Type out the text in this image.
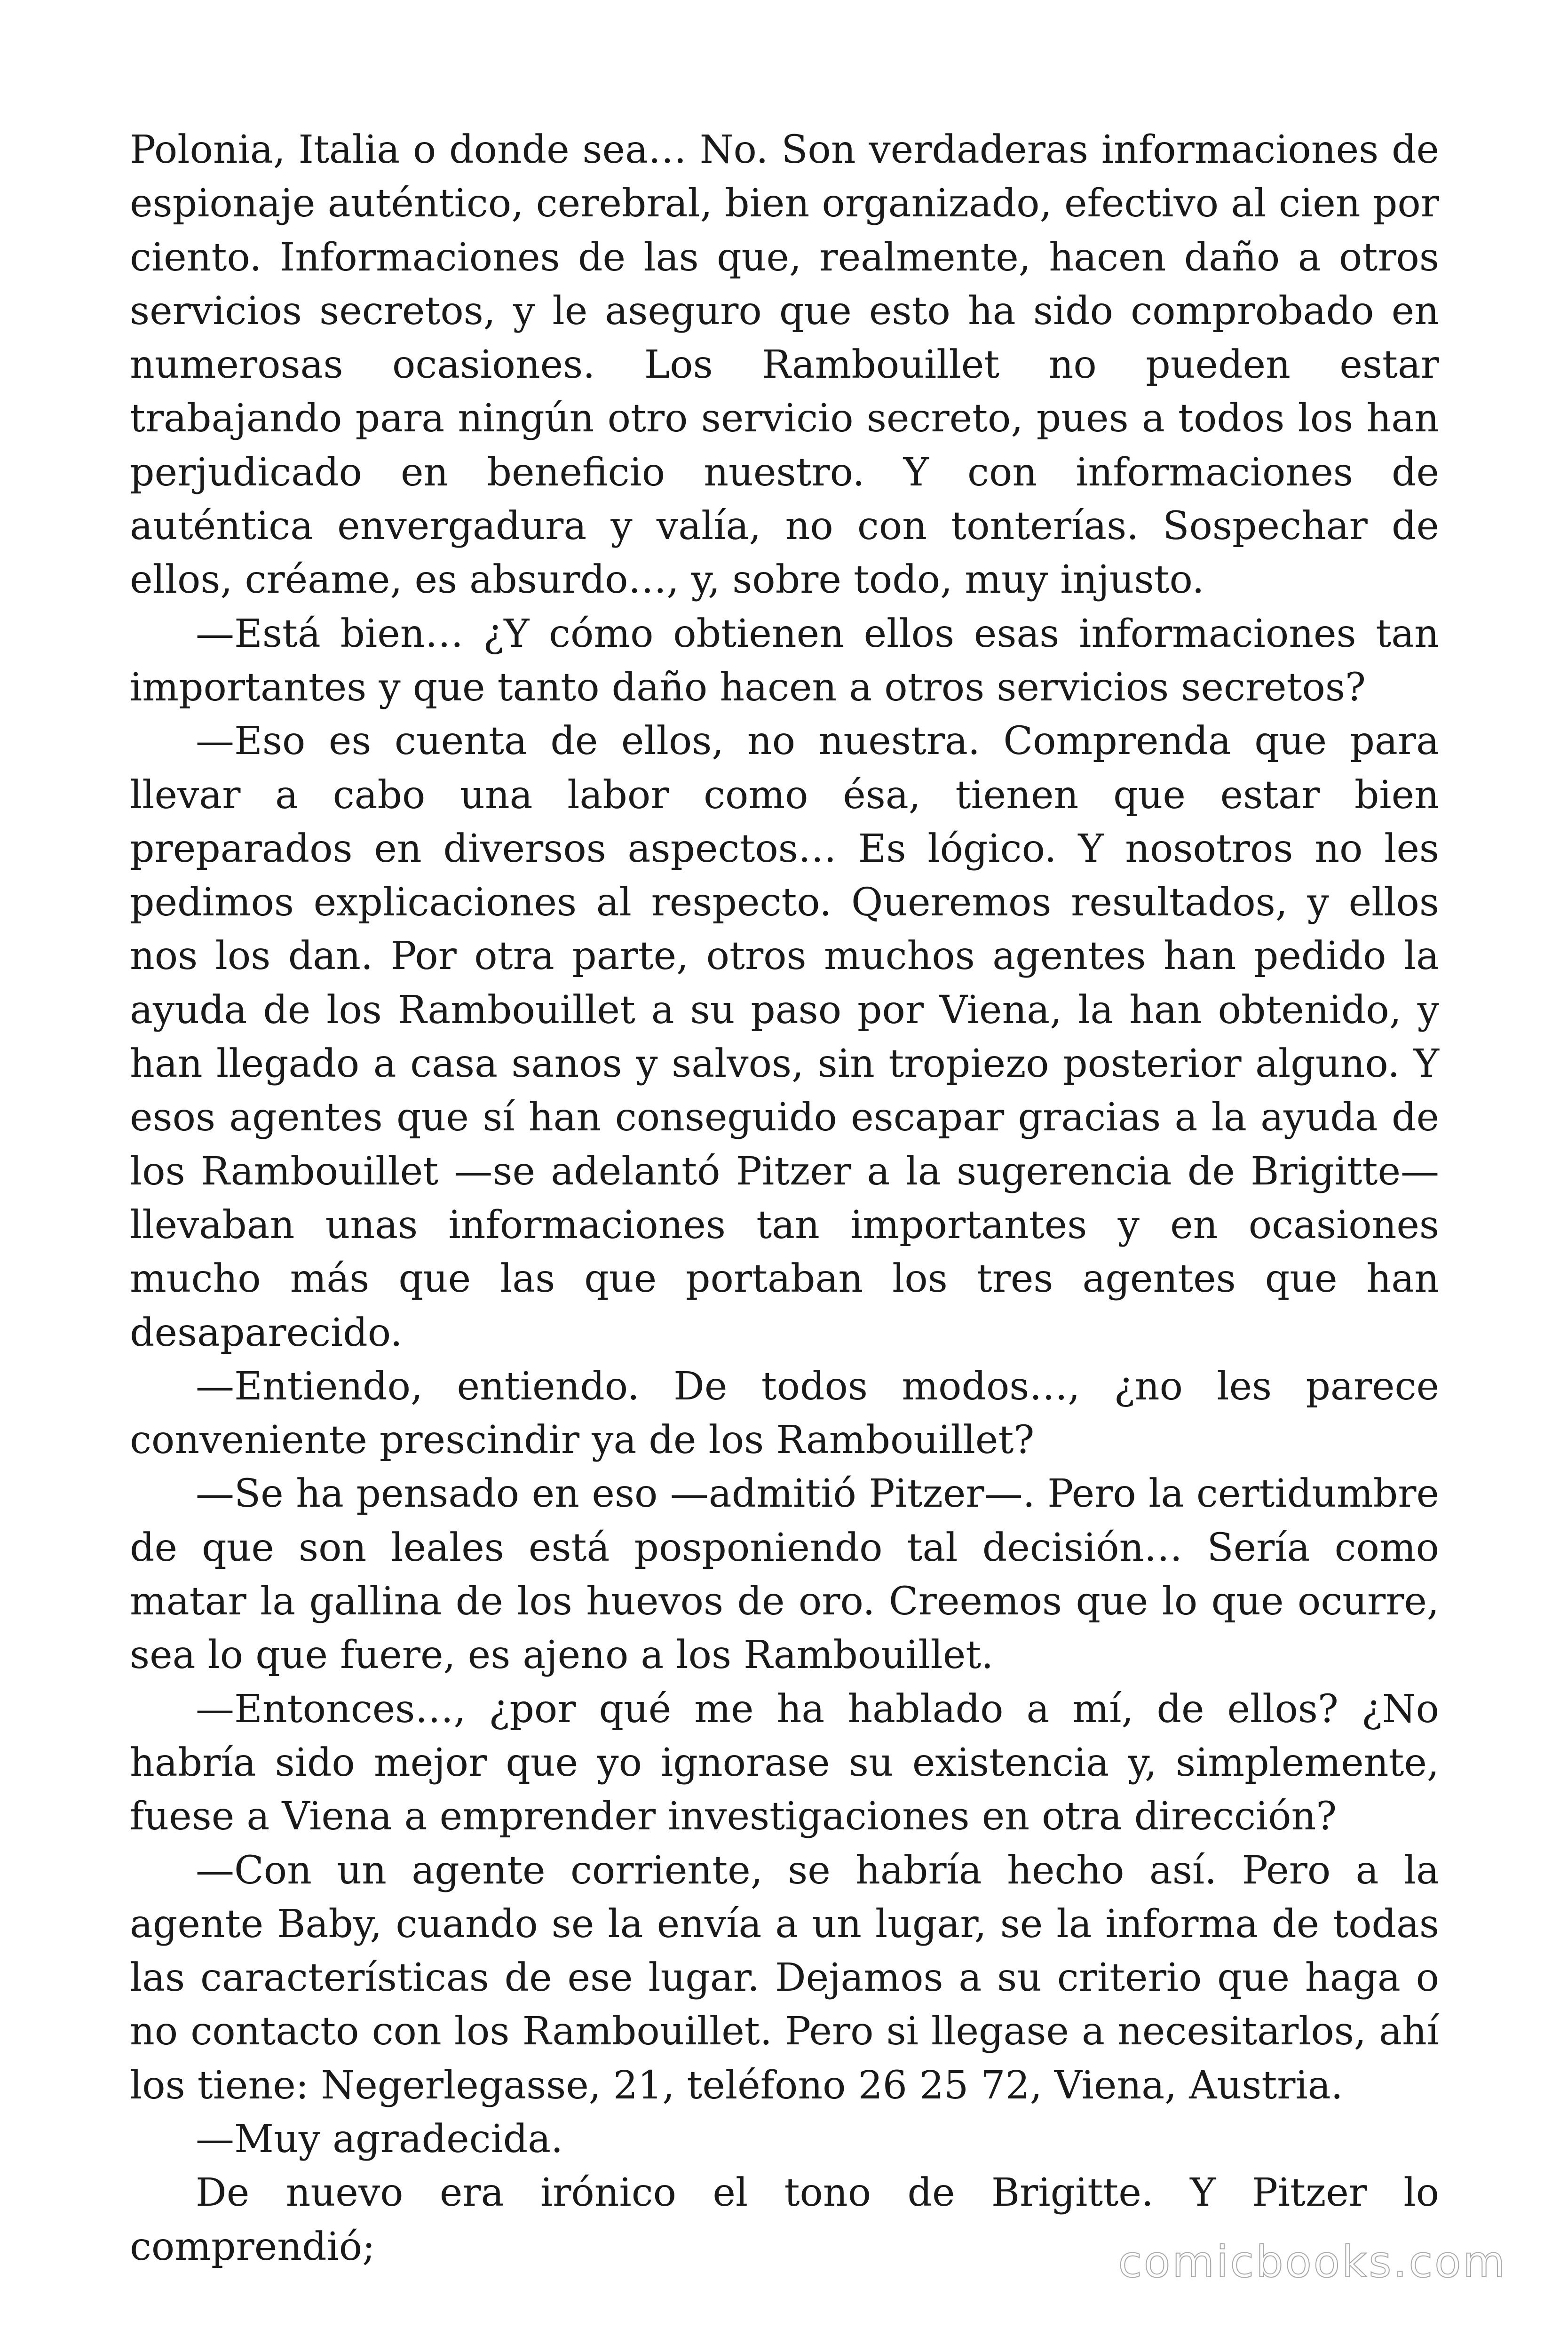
Polonia, Italia o donde sea… No. Son verdaderas informaciones de espionaje auténtico, cerebral, bien organizado, efectivo al cien por ciento. Informaciones de las que, realmente, hacen daño a otros servicios secretos, y le aseguro que esto ha sido comprobado en numerosas ocasiones. Los Rambouillet no pueden estar trabajando para ningún otro servicio secreto, pues a todos los han perjudicado en beneficio nuestro. Y con informaciones de auténtica envergadura y valía, no con tonterías. Sospechar de ellos, créame, es absurdo…, y, sobre todo, muy injusto.

—Está bien… ¿Y cómo obtienen ellos esas informaciones tan importantes y que tanto daño hacen a otros servicios secretos?

—Eso es cuenta de ellos, no nuestra. Comprenda que para llevar a cabo una labor como ésa, tienen que estar bien preparados en diversos aspectos… Es lógico. Y nosotros no les pedimos explicaciones al respecto. Queremos resultados, y ellos nos los dan. Por otra parte, otros muchos agentes han pedido la ayuda de los Rambouillet a su paso por Viena, la han obtenido, y han llegado a casa sanos y salvos, sin tropiezo posterior alguno. Y esos agentes que sí han conseguido escapar gracias a la ayuda de los Rambouillet —se adelantó Pitzer a la sugerencia de Brigitte— llevaban unas informaciones tan importantes y en ocasiones mucho más que las que portaban los tres agentes que han desaparecido.

—Entiendo, entiendo. De todos modos…, ¿no les parece conveniente prescindir ya de los Rambouillet?

—Se ha pensado en eso —admitió Pitzer—. Pero la certidumbre de que son leales está posponiendo tal decisión… Sería como matar la gallina de los huevos de oro. Creemos que lo que ocurre, sea lo que fuere, es ajeno a los Rambouillet.

—Entonces…, ¿por qué me ha hablado a mí, de ellos? ¿No habría sido mejor que yo ignorase su existencia y, simplemente, fuese a Viena a emprender investigaciones en otra dirección?

—Con un agente corriente, se habría hecho así. Pero a la agente Baby, cuando se la envía a un lugar, se la informa de todas las características de ese lugar. Dejamos a su criterio que haga o no contacto con los Rambouillet. Pero si llegase a necesitarlos, ahí los tiene: Negerlegasse, 21, teléfono 26 25 72, Viena, Austria.

—Muy agradecida.

De nuevo era irónico el tono de Brigitte. Y Pitzer lo comprendió;	comicbooks.com
